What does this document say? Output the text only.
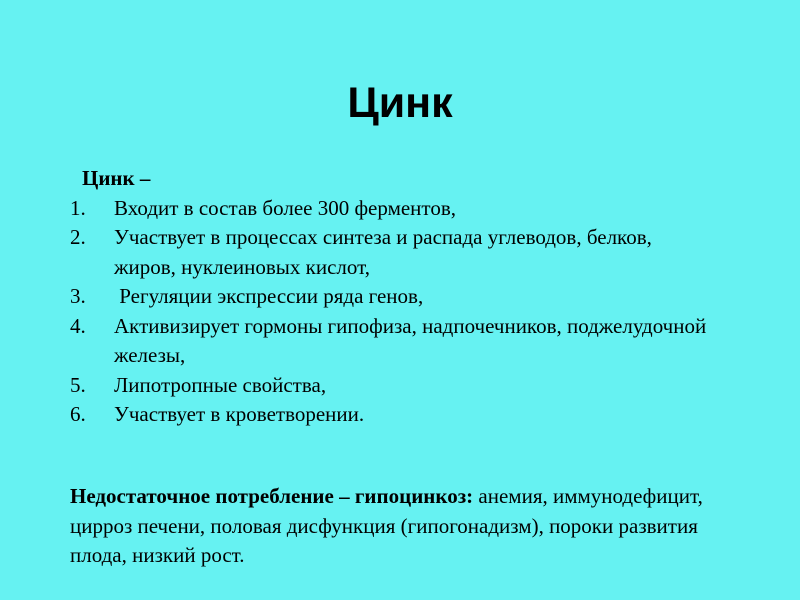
Цинк
Цинк –
1.	Входит в состав более 300 ферментов,
2.	Участвует в процессах синтеза и распада углеводов, белков, жиров, нуклеиновых кислот,
3.	Регуляции экспрессии ряда генов,
4.	Активизирует гормоны гипофиза, надпочечников, поджелудочной железы,
5.	Липотропные свойства,
6.	Участвует в кроветворении.
Недостаточное потребление – гипоцинкоз: анемия, иммунодефицит, цирроз печени, половая дисфункция (гипогонадизм), пороки развития плода, низкий рост.
